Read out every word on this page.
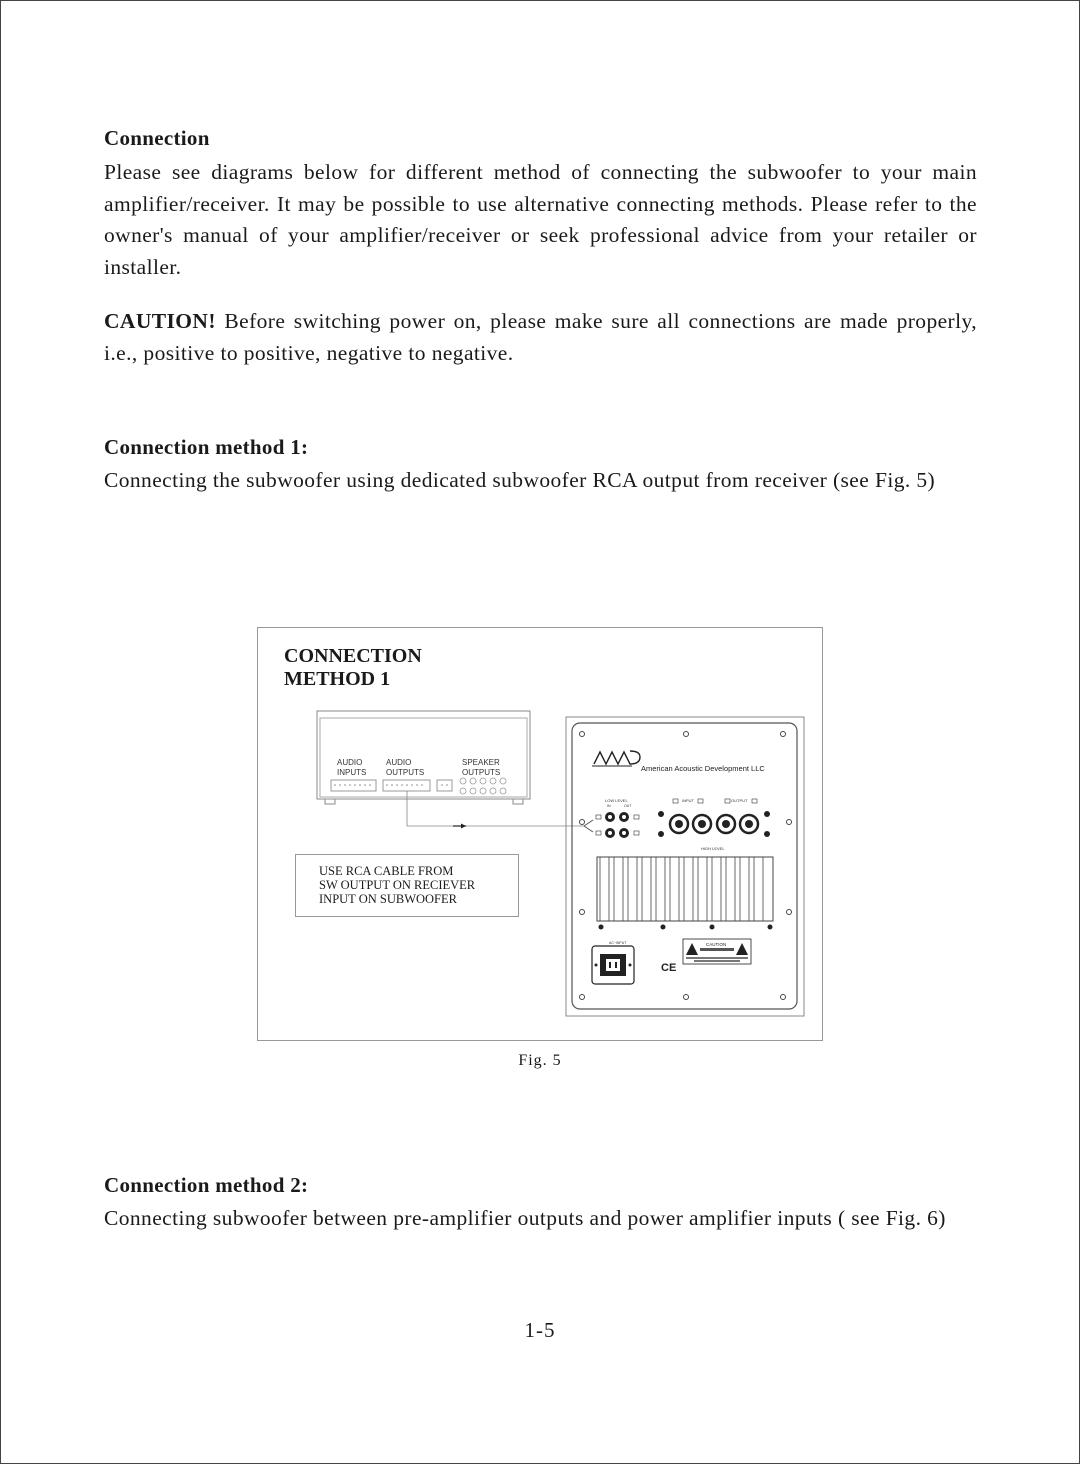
Connection
Please see diagrams below for different method of connecting the subwoofer to your main amplifier/receiver. It may be possible to use alternative connecting methods. Please refer to the owner's manual of your amplifier/receiver or seek professional advice from your retailer or installer.
CAUTION! Before switching power on, please make sure all connections are made properly, i.e., positive to positive, negative to negative.
Connection method 1:
Connecting the subwoofer using dedicated subwoofer RCA output from receiver (see Fig. 5)
CONNECTION
METHOD 1
AUDIO
INPUTS
AUDIO
OUTPUTS
SPEAKER
OUTPUTS	American Acoustic Development LLC
LOW LEVEL
IN	OUT
INPUT	OUTPUT
HIGH LEVEL
AC~INPUT
CE
CAUTION
USE RCA CABLE FROM
SW OUTPUT ON RECIEVER
INPUT ON SUBWOOFER
Fig. 5
Connection method 2:
Connecting subwoofer between pre-amplifier outputs and power amplifier inputs ( see Fig. 6)
1-5
